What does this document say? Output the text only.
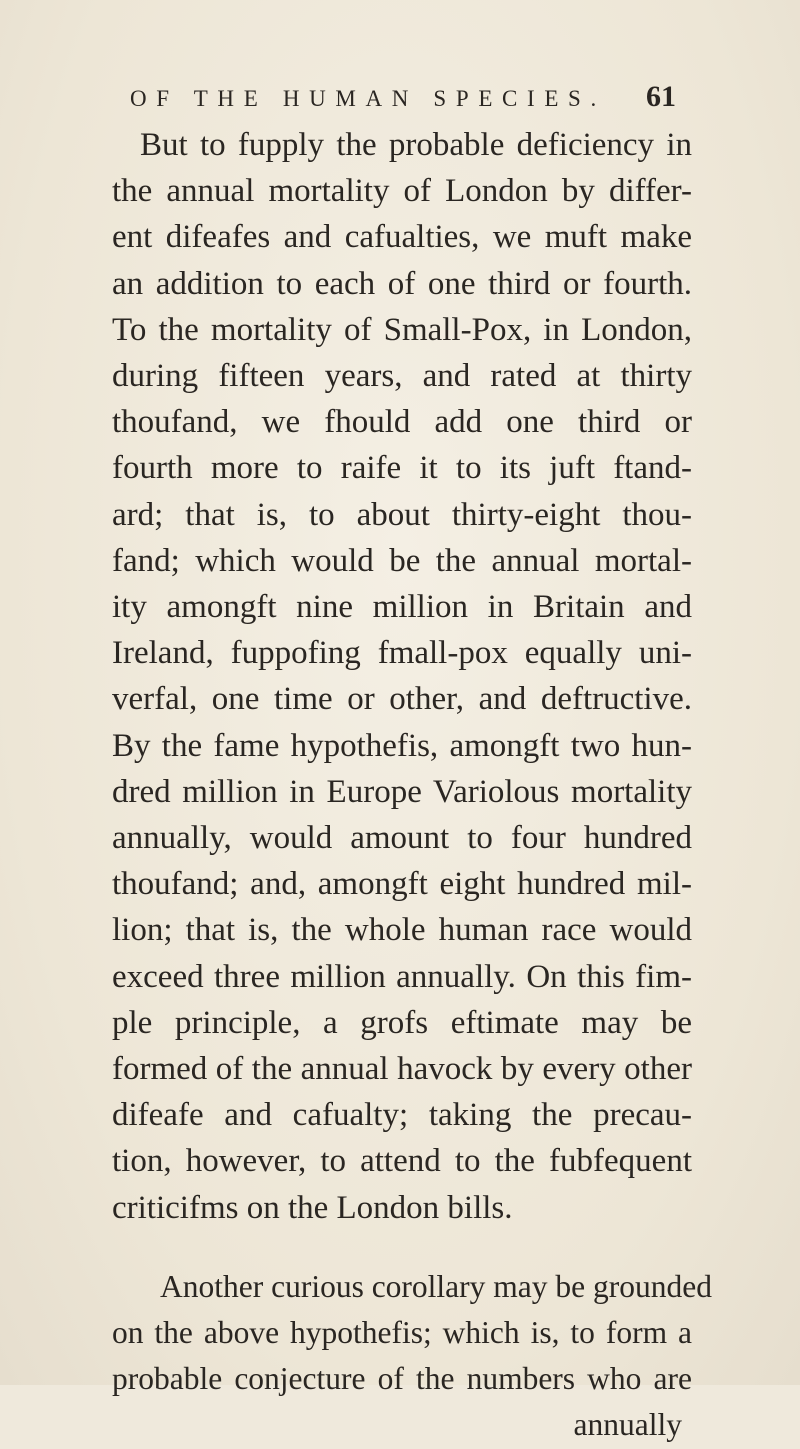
OF THE HUMAN SPECIES. 61

But to fupply the probable deficiency in
the annual mortality of London by differ-
ent difeafes and cafualties, we muft make
an addition to each of one third or fourth.
To the mortality of Small-Pox, in London,
during fifteen years, and rated at thirty
thoufand, we fhould add one third or
fourth more to raife it to its juft ftand-
ard; that is, to about thirty-eight thou-
fand; which would be the annual mortal-
ity amongft nine million in Britain and
Ireland, fuppofing fmall-pox equally uni-
verfal, one time or other, and deftructive.
By the fame hypothefis, amongft two hun-
dred million in Europe Variolous mortality
annually, would amount to four hundred
thoufand; and, amongft eight hundred mil-
lion; that is, the whole human race would
exceed three million annually. On this fim-
ple principle, a grofs eftimate may be
formed of the annual havock by every other
difeafe and cafualty; taking the precau-
tion, however, to attend to the fubfequent
criticifms on the London bills.

Another curious corollary may be grounded
on the above hypothefis; which is, to form a
probable conjecture of the numbers who are
annually
